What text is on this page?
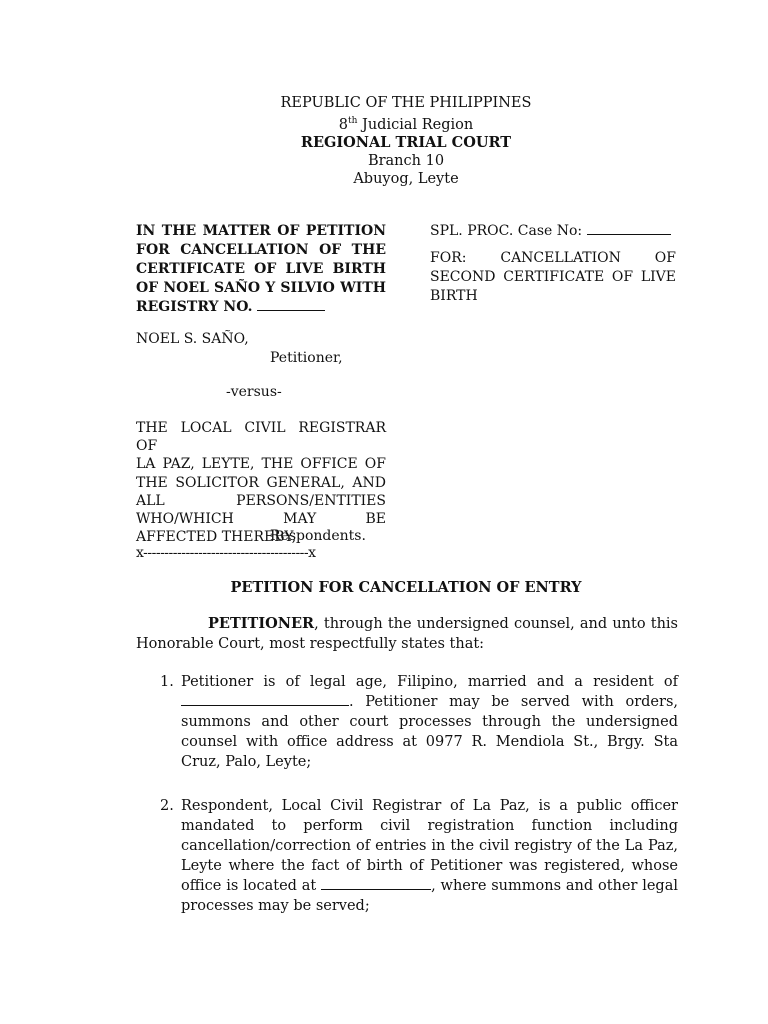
REPUBLIC OF THE PHILIPPINES
8th Judicial Region
REGIONAL TRIAL COURT
Branch 10
Abuyog, Leyte
IN THE MATTER OF PETITION
FOR CANCELLATION OF THE
CERTIFICATE OF LIVE BIRTH
OF NOEL SAÑO Y SILVIO WITH
REGISTRY NO.
SPL. PROC. Case No:
FOR: CANCELLATION OF
SECOND CERTIFICATE OF LIVE
BIRTH
NOEL S. SAÑO,
Petitioner,
-versus-
THE LOCAL CIVIL REGISTRAR OF
LA PAZ, LEYTE, THE OFFICE OF
THE SOLICITOR GENERAL, AND
ALL PERSONS/ENTITIES
WHO/WHICH MAY BE
AFFECTED THEREBY,
Respondents.
x---------------------------------------x
PETITION FOR CANCELLATION OF ENTRY
PETITIONER, through the undersigned counsel, and unto this Honorable Court, most respectfully states that:
1. Petitioner is of legal age, Filipino, married and a resident of . Petitioner may be served with orders, summons and other court processes through the undersigned counsel with office address at 0977 R. Mendiola St., Brgy. Sta Cruz, Palo, Leyte;
2. Respondent, Local Civil Registrar of La Paz, is a public officer mandated to perform civil registration function including cancellation/correction of entries in the civil registry of the La Paz, Leyte where the fact of birth of Petitioner was registered, whose office is located at	, where summons and other legal processes may be served;
